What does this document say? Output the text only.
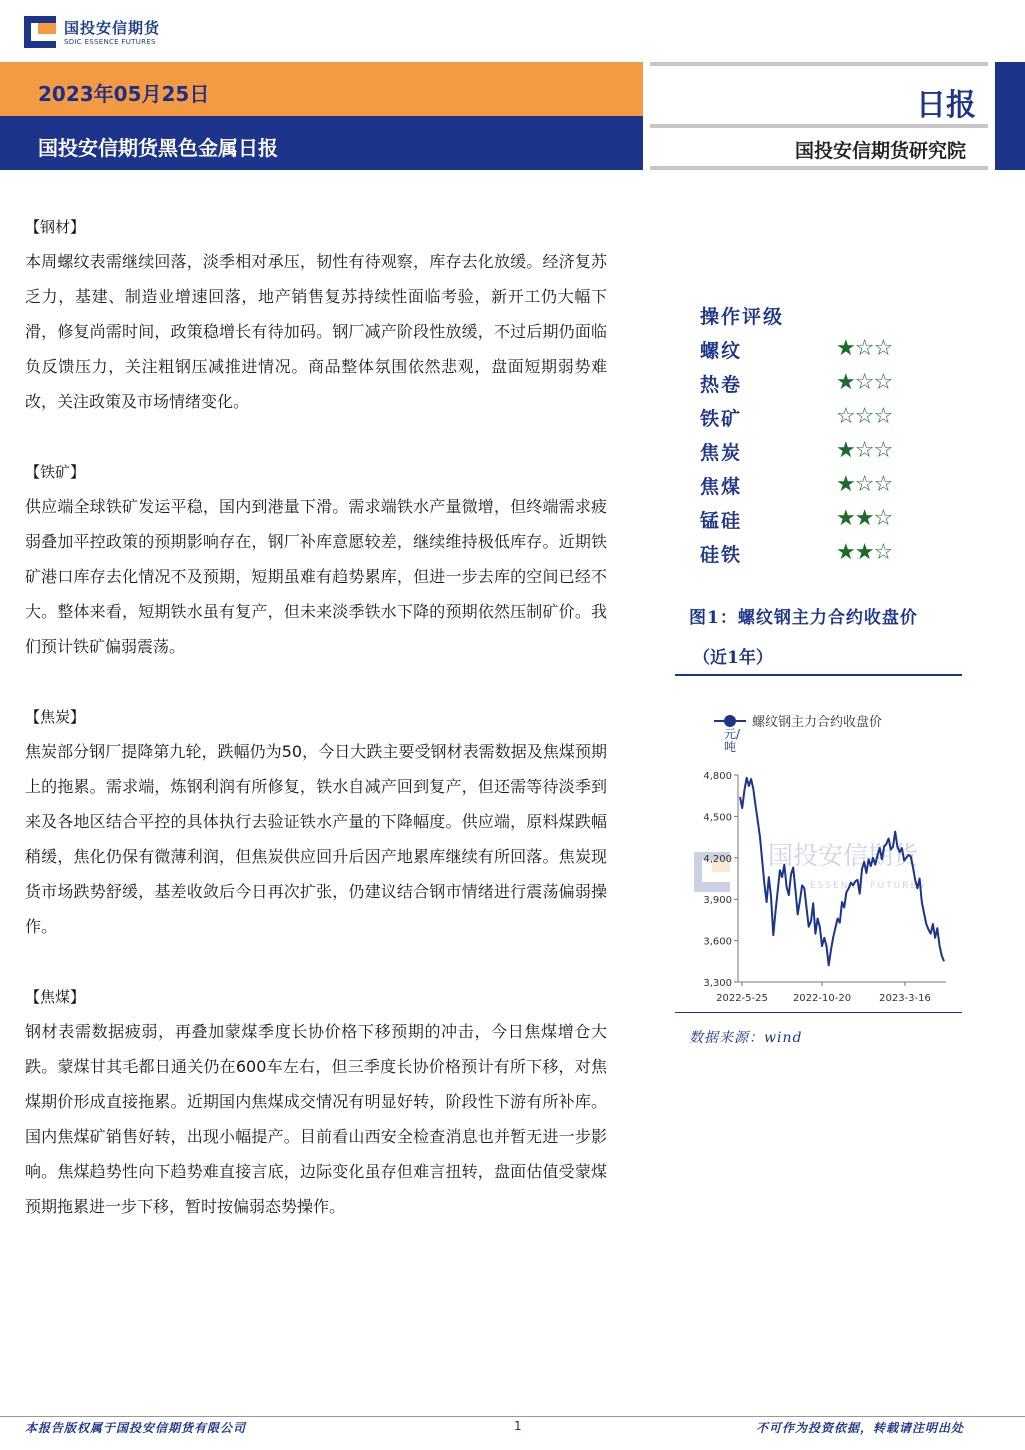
国投安信期货
SDIC ESSENCE FUTURES
2023年05月25日
国投安信期货黑色金属日报
日报
国投安信期货研究院
【钢材】
本周螺纹表需继续回落，淡季相对承压，韧性有待观察，库存去化放缓。经济复苏乏力，基建、制造业增速回落，地产销售复苏持续性面临考验，新开工仍大幅下滑，修复尚需时间，政策稳增长有待加码。钢厂减产阶段性放缓，不过后期仍面临负反馈压力，关注粗钢压减推进情况。商品整体氛围依然悲观，盘面短期弱势难改，关注政策及市场情绪变化。
【铁矿】
供应端全球铁矿发运平稳，国内到港量下滑。需求端铁水产量微增，但终端需求疲弱叠加平控政策的预期影响存在，钢厂补库意愿较差，继续维持极低库存。近期铁矿港口库存去化情况不及预期，短期虽难有趋势累库，但进一步去库的空间已经不大。整体来看，短期铁水虽有复产，但未来淡季铁水下降的预期依然压制矿价。我们预计铁矿偏弱震荡。
【焦炭】
焦炭部分钢厂提降第九轮，跌幅仍为50，今日大跌主要受钢材表需数据及焦煤预期上的拖累。需求端，炼钢利润有所修复，铁水自减产回到复产，但还需等待淡季到来及各地区结合平控的具体执行去验证铁水产量的下降幅度。供应端，原料煤跌幅稍缓，焦化仍保有微薄利润，但焦炭供应回升后因产地累库继续有所回落。焦炭现货市场跌势舒缓，基差收敛后今日再次扩张，仍建议结合钢市情绪进行震荡偏弱操作。
【焦煤】
钢材表需数据疲弱，再叠加蒙煤季度长协价格下移预期的冲击，今日焦煤增仓大跌。蒙煤甘其毛都日通关仍在600车左右，但三季度长协价格预计有所下移，对焦煤期价形成直接拖累。近期国内焦煤成交情况有明显好转，阶段性下游有所补库。国内焦煤矿销售好转，出现小幅提产。目前看山西安全检查消息也并暂无进一步影响。焦煤趋势性向下趋势难直接言底，边际变化虽存但难言扭转，盘面估值受蒙煤预期拖累进一步下移，暂时按偏弱态势操作。
操作评级
螺纹	★☆☆
热卷	★☆☆
铁矿	☆☆☆
焦炭	★☆☆
焦煤	★☆☆
锰硅	★★☆
硅铁	★★☆
图1：螺纹钢主力合约收盘价
（近1年）
国投安信期货
ESSENCE FUTURES
螺纹钢主力合约收盘价
元/ 吨
4,800
4,500
4,200
3,900
3,600
3,300
2022-5-25	2022-10-20	2023-3-16
数据来源：wind
本报告版权属于国投安信期货有限公司	1	不可作为投资依据，转载请注明出处
